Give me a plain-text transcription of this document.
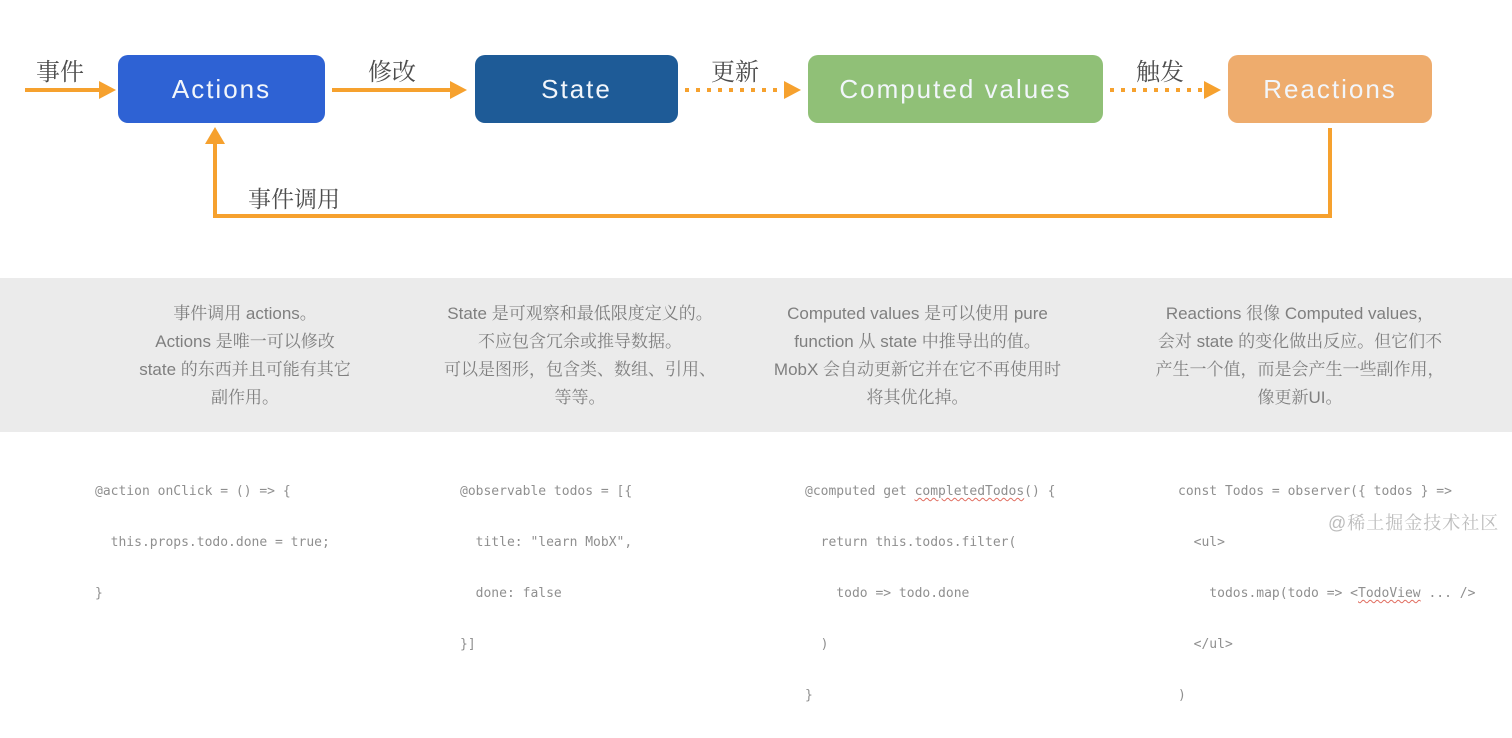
事件	修改	更新	触发
Actions	State	Computed values	Reactions
事件调用
事件调用 actions。
Actions 是唯一可以修改
state 的东西并且可能有其它
副作用。
State 是可观察和最低限度定义的。
不应包含冗余或推导数据。
可以是图形，包含类、数组、引用、
等等。
Computed values 是可以使用 pure
function 从 state 中推导出的值。
MobX 会自动更新它并在它不再使用时
将其优化掉。
Reactions 很像 Computed values，
会对 state 的变化做出反应。但它们不
产生一个值，而是会产生一些副作用，
像更新UI。

@action onClick = () => {

this.props.todo.done = true;

}

@observable todos = [{

title: "learn MobX",

done: false

}]

@computed get completedTodos() {

return this.todos.filter(

todo => todo.done

)

}

const Todos = observer({ todos } =>

<ul>

todos.map(todo => <TodoView ... />

</ul>

)

@稀土掘金技术社区
